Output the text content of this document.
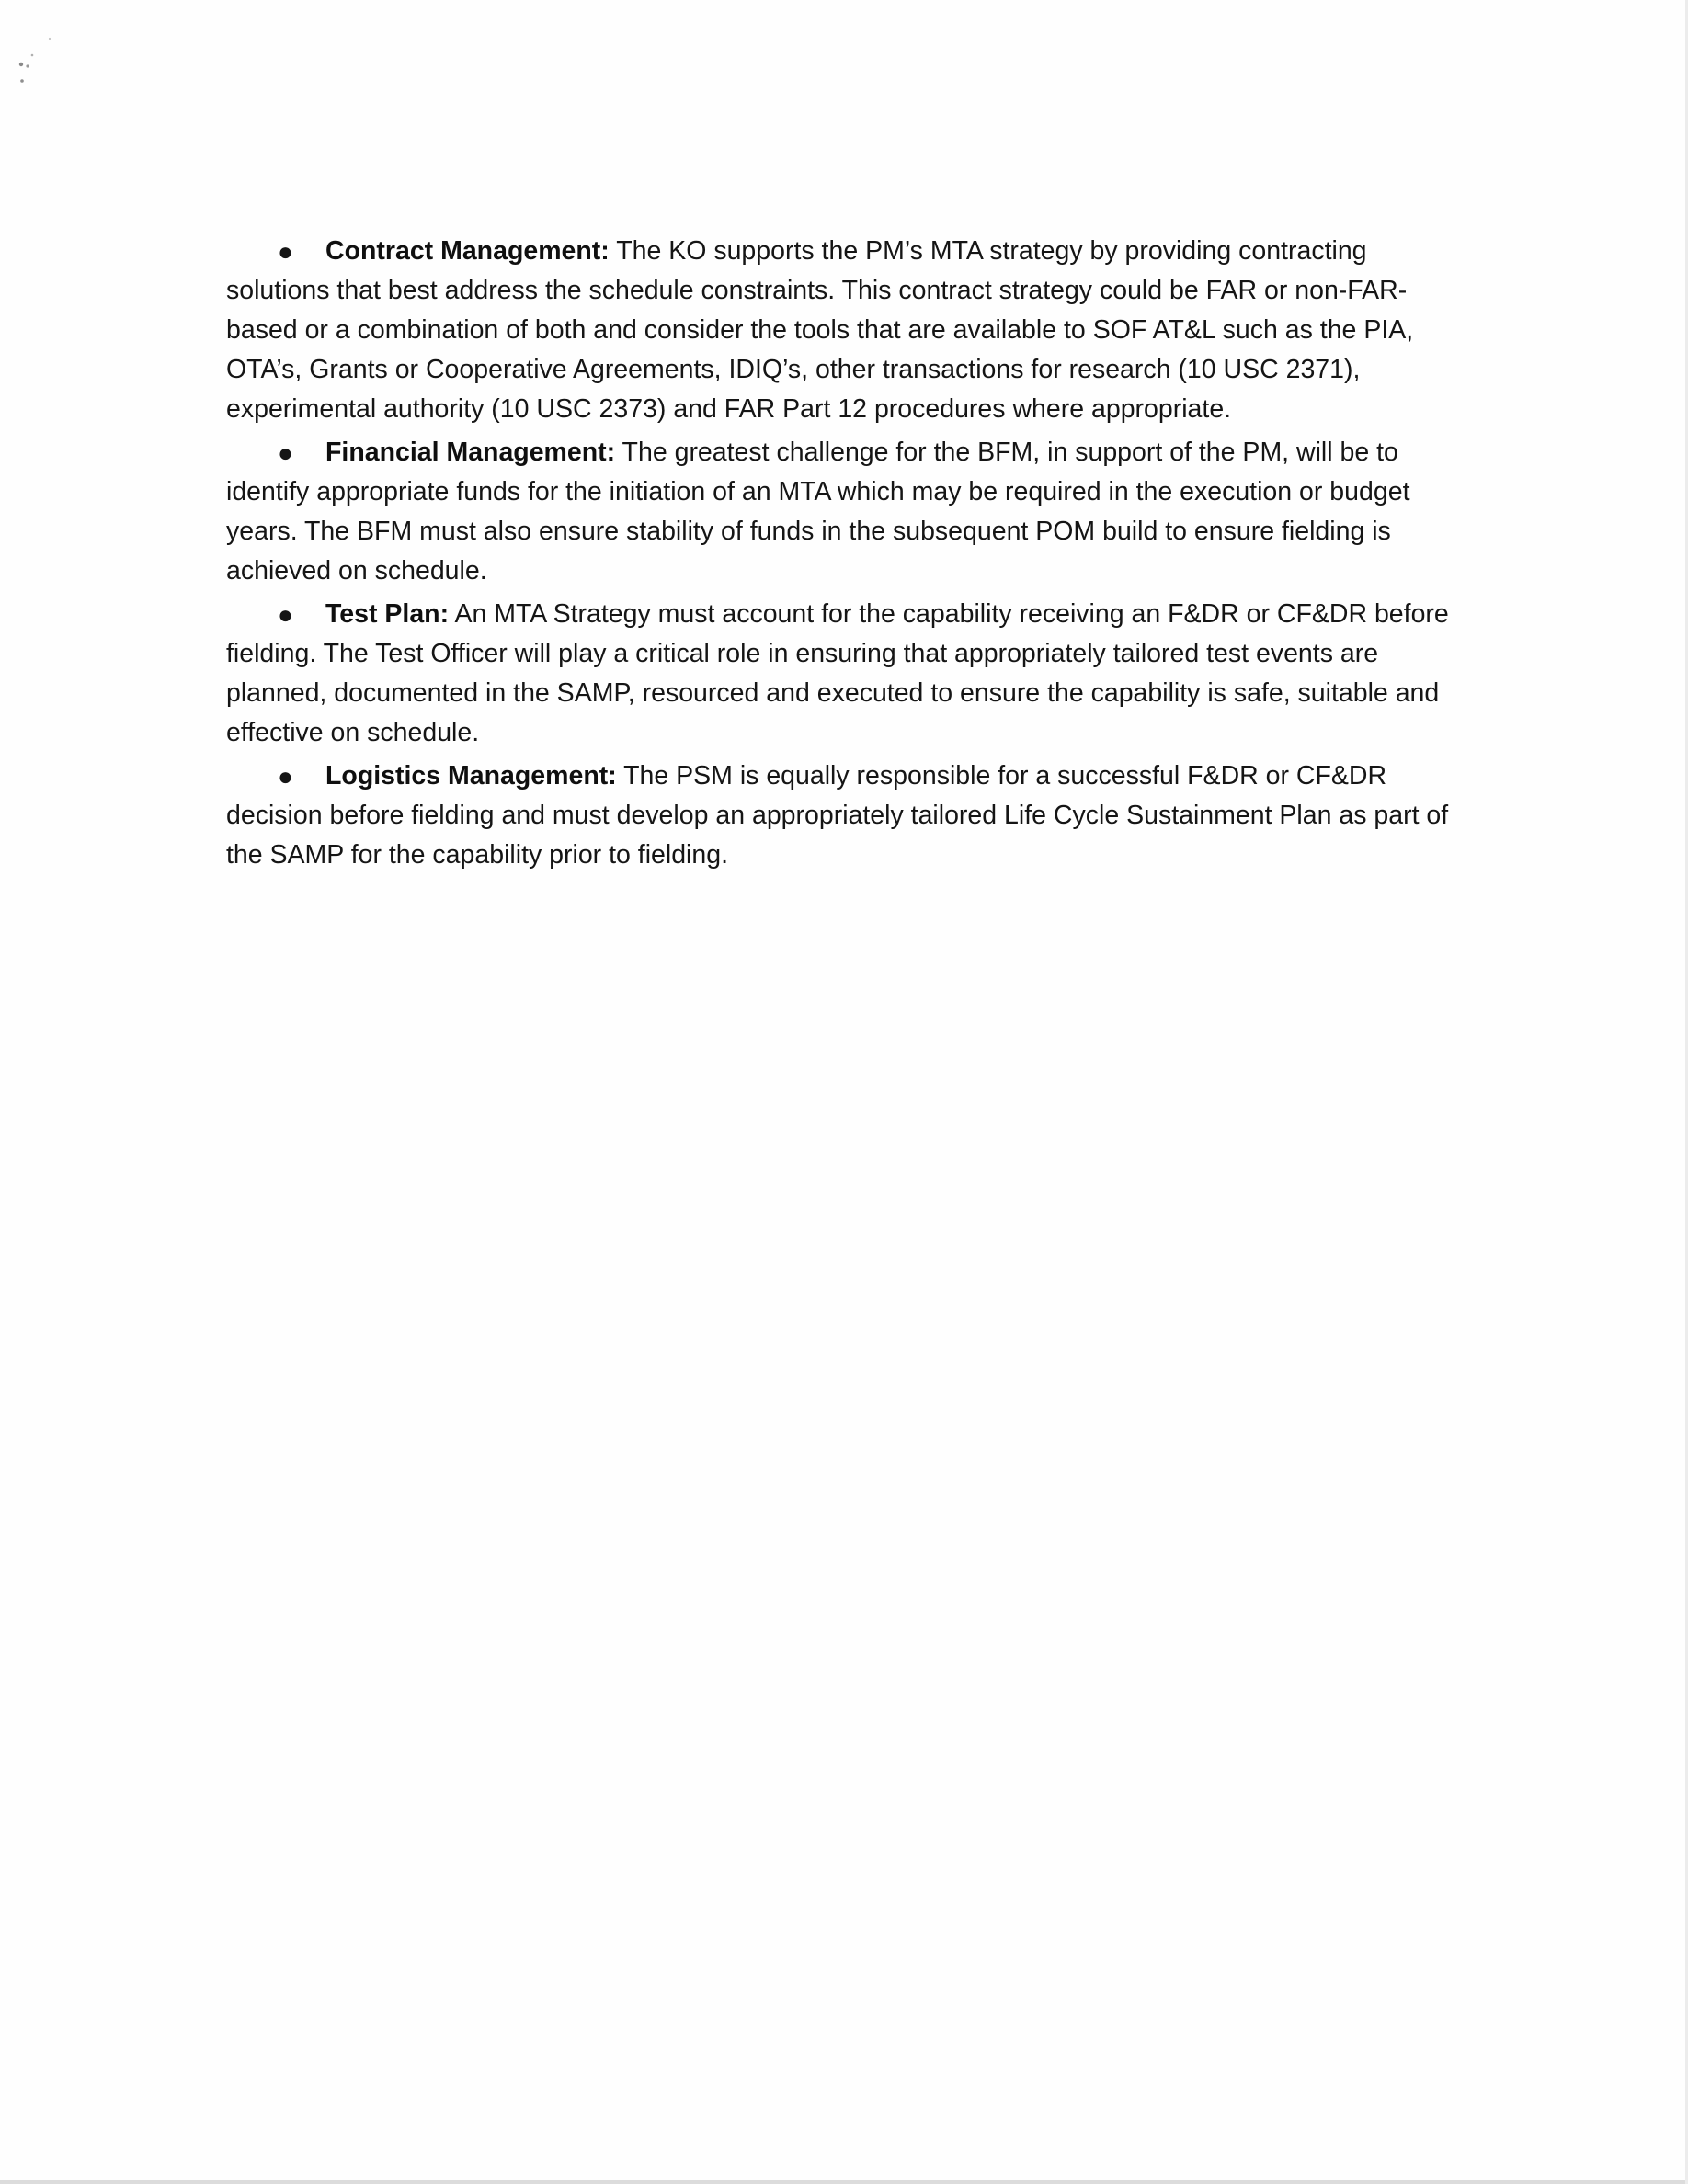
●	Contract Management: The KO supports the PM’s MTA strategy by providing contracting solutions that best address the schedule constraints. This contract strategy could be FAR or non-FAR-based or a combination of both and consider the tools that are available to SOF AT&L such as the PIA, OTA’s, Grants or Cooperative Agreements, IDIQ’s, other transactions for research (10 USC 2371), experimental authority (10 USC 2373) and FAR Part 12 procedures where appropriate.

●	Financial Management: The greatest challenge for the BFM, in support of the PM, will be to identify appropriate funds for the initiation of an MTA which may be required in the execution or budget years. The BFM must also ensure stability of funds in the subsequent POM build to ensure fielding is achieved on schedule.

●	Test Plan: An MTA Strategy must account for the capability receiving an F&DR or CF&DR before fielding. The Test Officer will play a critical role in ensuring that appropriately tailored test events are planned, documented in the SAMP, resourced and executed to ensure the capability is safe, suitable and effective on schedule.

●	Logistics Management: The PSM is equally responsible for a successful F&DR or CF&DR decision before fielding and must develop an appropriately tailored Life Cycle Sustainment Plan as part of the SAMP for the capability prior to fielding.
